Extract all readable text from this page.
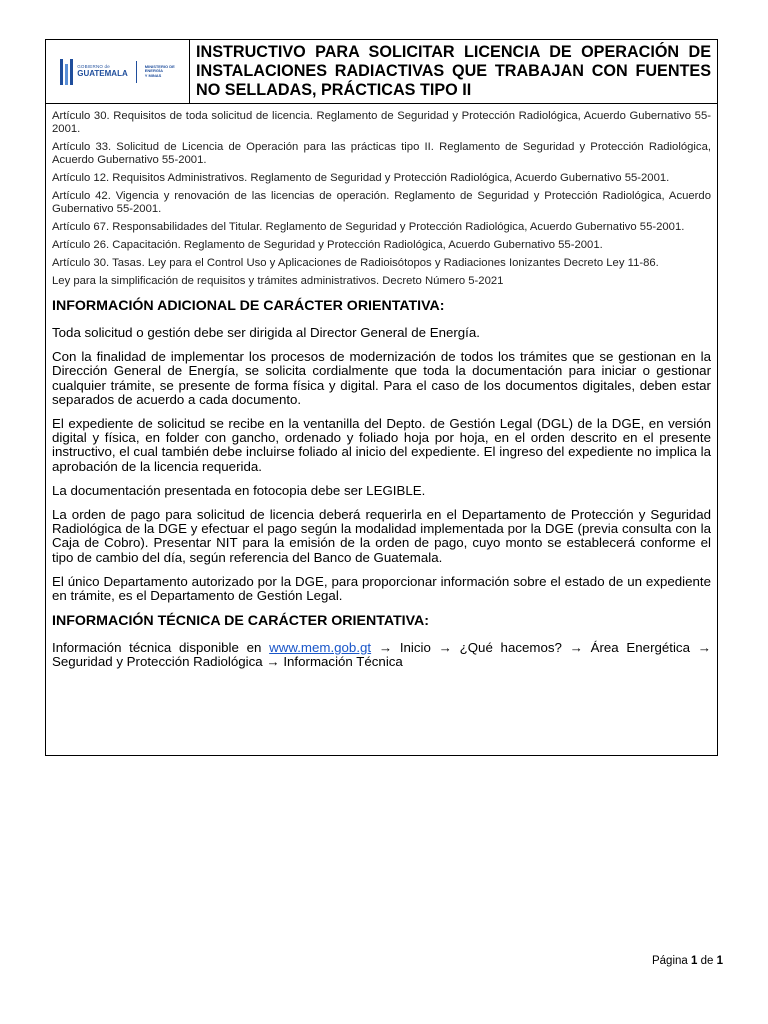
GOBIERNO de
GUATEMALA
MINISTERIO DE
ENERGÍA
Y MINAS
INSTRUCTIVO PARA SOLICITAR LICENCIA DE OPERACIÓN DE INSTALACIONES RADIACTIVAS QUE TRABAJAN CON FUENTES NO SELLADAS, PRÁCTICAS TIPO II

Artículo 30. Requisitos de toda solicitud de licencia. Reglamento de Seguridad y Protección Radiológica, Acuerdo Gubernativo 55-2001.

Artículo 33. Solicitud de Licencia de Operación para las prácticas tipo II. Reglamento de Seguridad y Protección Radiológica, Acuerdo Gubernativo 55-2001.

Artículo 12. Requisitos Administrativos. Reglamento de Seguridad y Protección Radiológica, Acuerdo Gubernativo 55-2001.

Artículo 42. Vigencia y renovación de las licencias de operación. Reglamento de Seguridad y Protección Radiológica, Acuerdo Gubernativo 55-2001.

Artículo 67. Responsabilidades del Titular. Reglamento de Seguridad y Protección Radiológica, Acuerdo Gubernativo 55-2001.

Artículo 26. Capacitación. Reglamento de Seguridad y Protección Radiológica, Acuerdo Gubernativo 55-2001.

Artículo 30. Tasas. Ley para el Control Uso y Aplicaciones de Radioisótopos y Radiaciones Ionizantes Decreto Ley 11-86.

Ley para la simplificación de requisitos y trámites administrativos. Decreto Número 5-2021

INFORMACIÓN ADICIONAL DE CARÁCTER ORIENTATIVA:

Toda solicitud o gestión debe ser dirigida al Director General de Energía.

Con la finalidad de implementar los procesos de modernización de todos los trámites que se gestionan en la Dirección General de Energía, se solicita cordialmente que toda la documentación para iniciar o gestionar cualquier trámite, se presente de forma física y digital. Para el caso de los documentos digitales, deben estar separados de acuerdo a cada documento.

El expediente de solicitud se recibe en la ventanilla del Depto. de Gestión Legal (DGL) de la DGE, en versión digital y física, en folder con gancho, ordenado y foliado hoja por hoja, en el orden descrito en el presente instructivo, el cual también debe incluirse foliado al inicio del expediente. El ingreso del expediente no implica la aprobación de la licencia requerida.

La documentación presentada en fotocopia debe ser LEGIBLE.

La orden de pago para solicitud de licencia deberá requerirla en el Departamento de Protección y Seguridad Radiológica de la DGE y efectuar el pago según la modalidad implementada por la DGE (previa consulta con la Caja de Cobro). Presentar NIT para la emisión de la orden de pago, cuyo monto se establecerá conforme el tipo de cambio del día, según referencia del Banco de Guatemala.

El único Departamento autorizado por la DGE, para proporcionar información sobre el estado de un expediente en trámite, es el Departamento de Gestión Legal.

INFORMACIÓN TÉCNICA DE CARÁCTER ORIENTATIVA:

Información técnica disponible en www.mem.gob.gt → Inicio → ¿Qué hacemos? → Área Energética → Seguridad y Protección Radiológica → Información Técnica

Página 1 de 1
